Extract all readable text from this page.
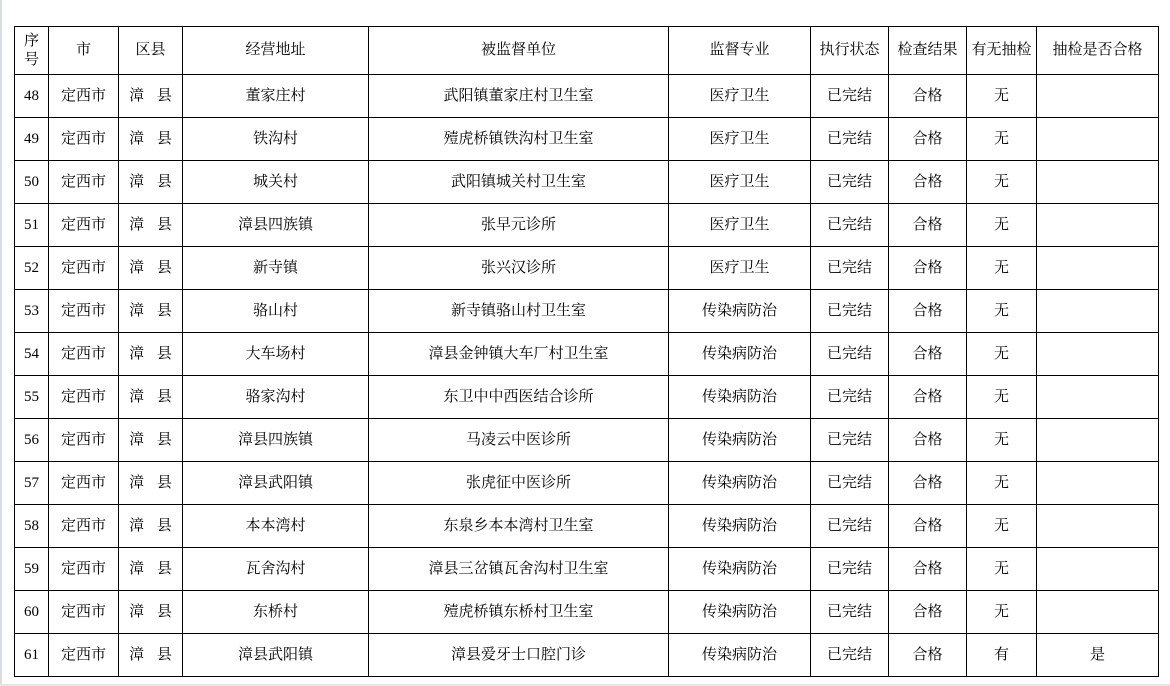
序
号	市	区县	经营地址	被监督单位	监督专业	执行状态	检查结果	有无抽检	抽检是否合格
48	定西市	漳 县	董家庄村	武阳镇董家庄村卫生室	医疗卫生	已完结	合格	无	
49	定西市	漳 县	铁沟村	殪虎桥镇铁沟村卫生室	医疗卫生	已完结	合格	无	
50	定西市	漳 县	城关村	武阳镇城关村卫生室	医疗卫生	已完结	合格	无	
51	定西市	漳 县	漳县四族镇	张早元诊所	医疗卫生	已完结	合格	无	
52	定西市	漳 县	新寺镇	张兴汉诊所	医疗卫生	已完结	合格	无	
53	定西市	漳 县	骆山村	新寺镇骆山村卫生室	传染病防治	已完结	合格	无	
54	定西市	漳 县	大车场村	漳县金钟镇大车厂村卫生室	传染病防治	已完结	合格	无	
55	定西市	漳 县	骆家沟村	东卫中中西医结合诊所	传染病防治	已完结	合格	无	
56	定西市	漳 县	漳县四族镇	马凌云中医诊所	传染病防治	已完结	合格	无	
57	定西市	漳 县	漳县武阳镇	张虎征中医诊所	传染病防治	已完结	合格	无	
58	定西市	漳 县	本本湾村	东泉乡本本湾村卫生室	传染病防治	已完结	合格	无	
59	定西市	漳 县	瓦舍沟村	漳县三岔镇瓦舍沟村卫生室	传染病防治	已完结	合格	无	
60	定西市	漳 县	东桥村	殪虎桥镇东桥村卫生室	传染病防治	已完结	合格	无	
61	定西市	漳 县	漳县武阳镇	漳县爱牙士口腔门诊	传染病防治	已完结	合格	有	是
